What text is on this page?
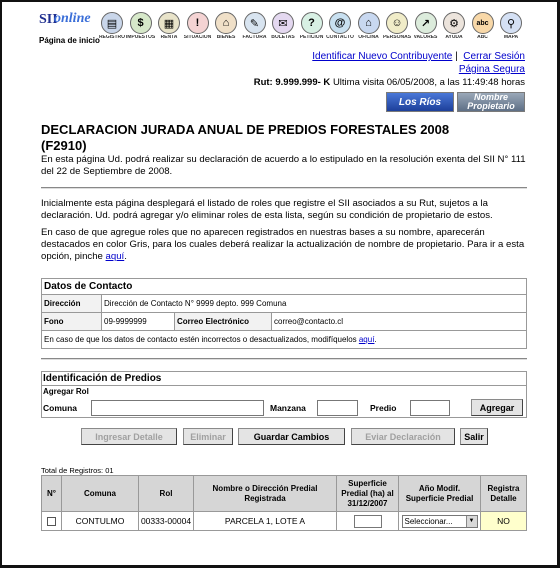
SII
online
Página de inicio
▤
REGISTRO
$
IMPUESTOS
▦
RENTA
!
SITUACIÓN
⌂
BIENES
✎
FACTURA
✉
BOLETAS
?
PETICIÓN
@
CONTACTO
⌂
OFICINA
☺
PERSONAS
↗
VALORES
⚙
AYUDA
abc
ABC
⚲
MAPA
Identificar Nuevo Contribuyente | Cerrar Sesión
Página Segura
Rut: 9.999.999- K Ultima visita 06/05/2008, a las 11:49:48 horas
Los Ríos	Nombre
Propietario
DECLARACION JURADA ANUAL DE PREDIOS FORESTALES 2008
(F2910)
En esta página Ud. podrá realizar su declaración de acuerdo a lo estipulado en la resolución exenta del SII N° 111 del 22 de Septiembre de 2008.
Inicialmente esta página desplegará el listado de roles que registre el SII asociados a su Rut, sujetos a la declaración. Ud. podrá agregar y/o eliminar roles de esta lista, según su condición de propietario de estos.
En caso de que agregue roles que no aparecen registrados en nuestras bases a su nombre, aparecerán destacados en color Gris, para los cuales deberá realizar la actualización de nombre de propietario. Para ir a esta opción, pinche aquí.
Datos de Contacto			
Dirección	Dirección de Contacto N° 9999 depto. 999 Comuna		
Fono	09-9999999	Correo Electrónico	correo@contacto.cl
En caso de que los datos de contacto estén incorrectos o desactualizados, modifíquelos aquí.			
Identificación de Predios
Agregar Rol
Comuna	Manzana	Predio	Agregar
Ingresar Detalle	Eliminar	Guardar Cambios	Eviar Declaración	Salir
Total de Registros: 01
N°	Comuna	Rol	Nombre o Dirección Predial Registrada	Superficie Predial (ha) al 31/12/2007	Año Modif. Superficie Predial	Registra Detalle
	CONTULMO	00333-00004	PARCELA 1, LOTE A		Seleccionar... ▼	NO
